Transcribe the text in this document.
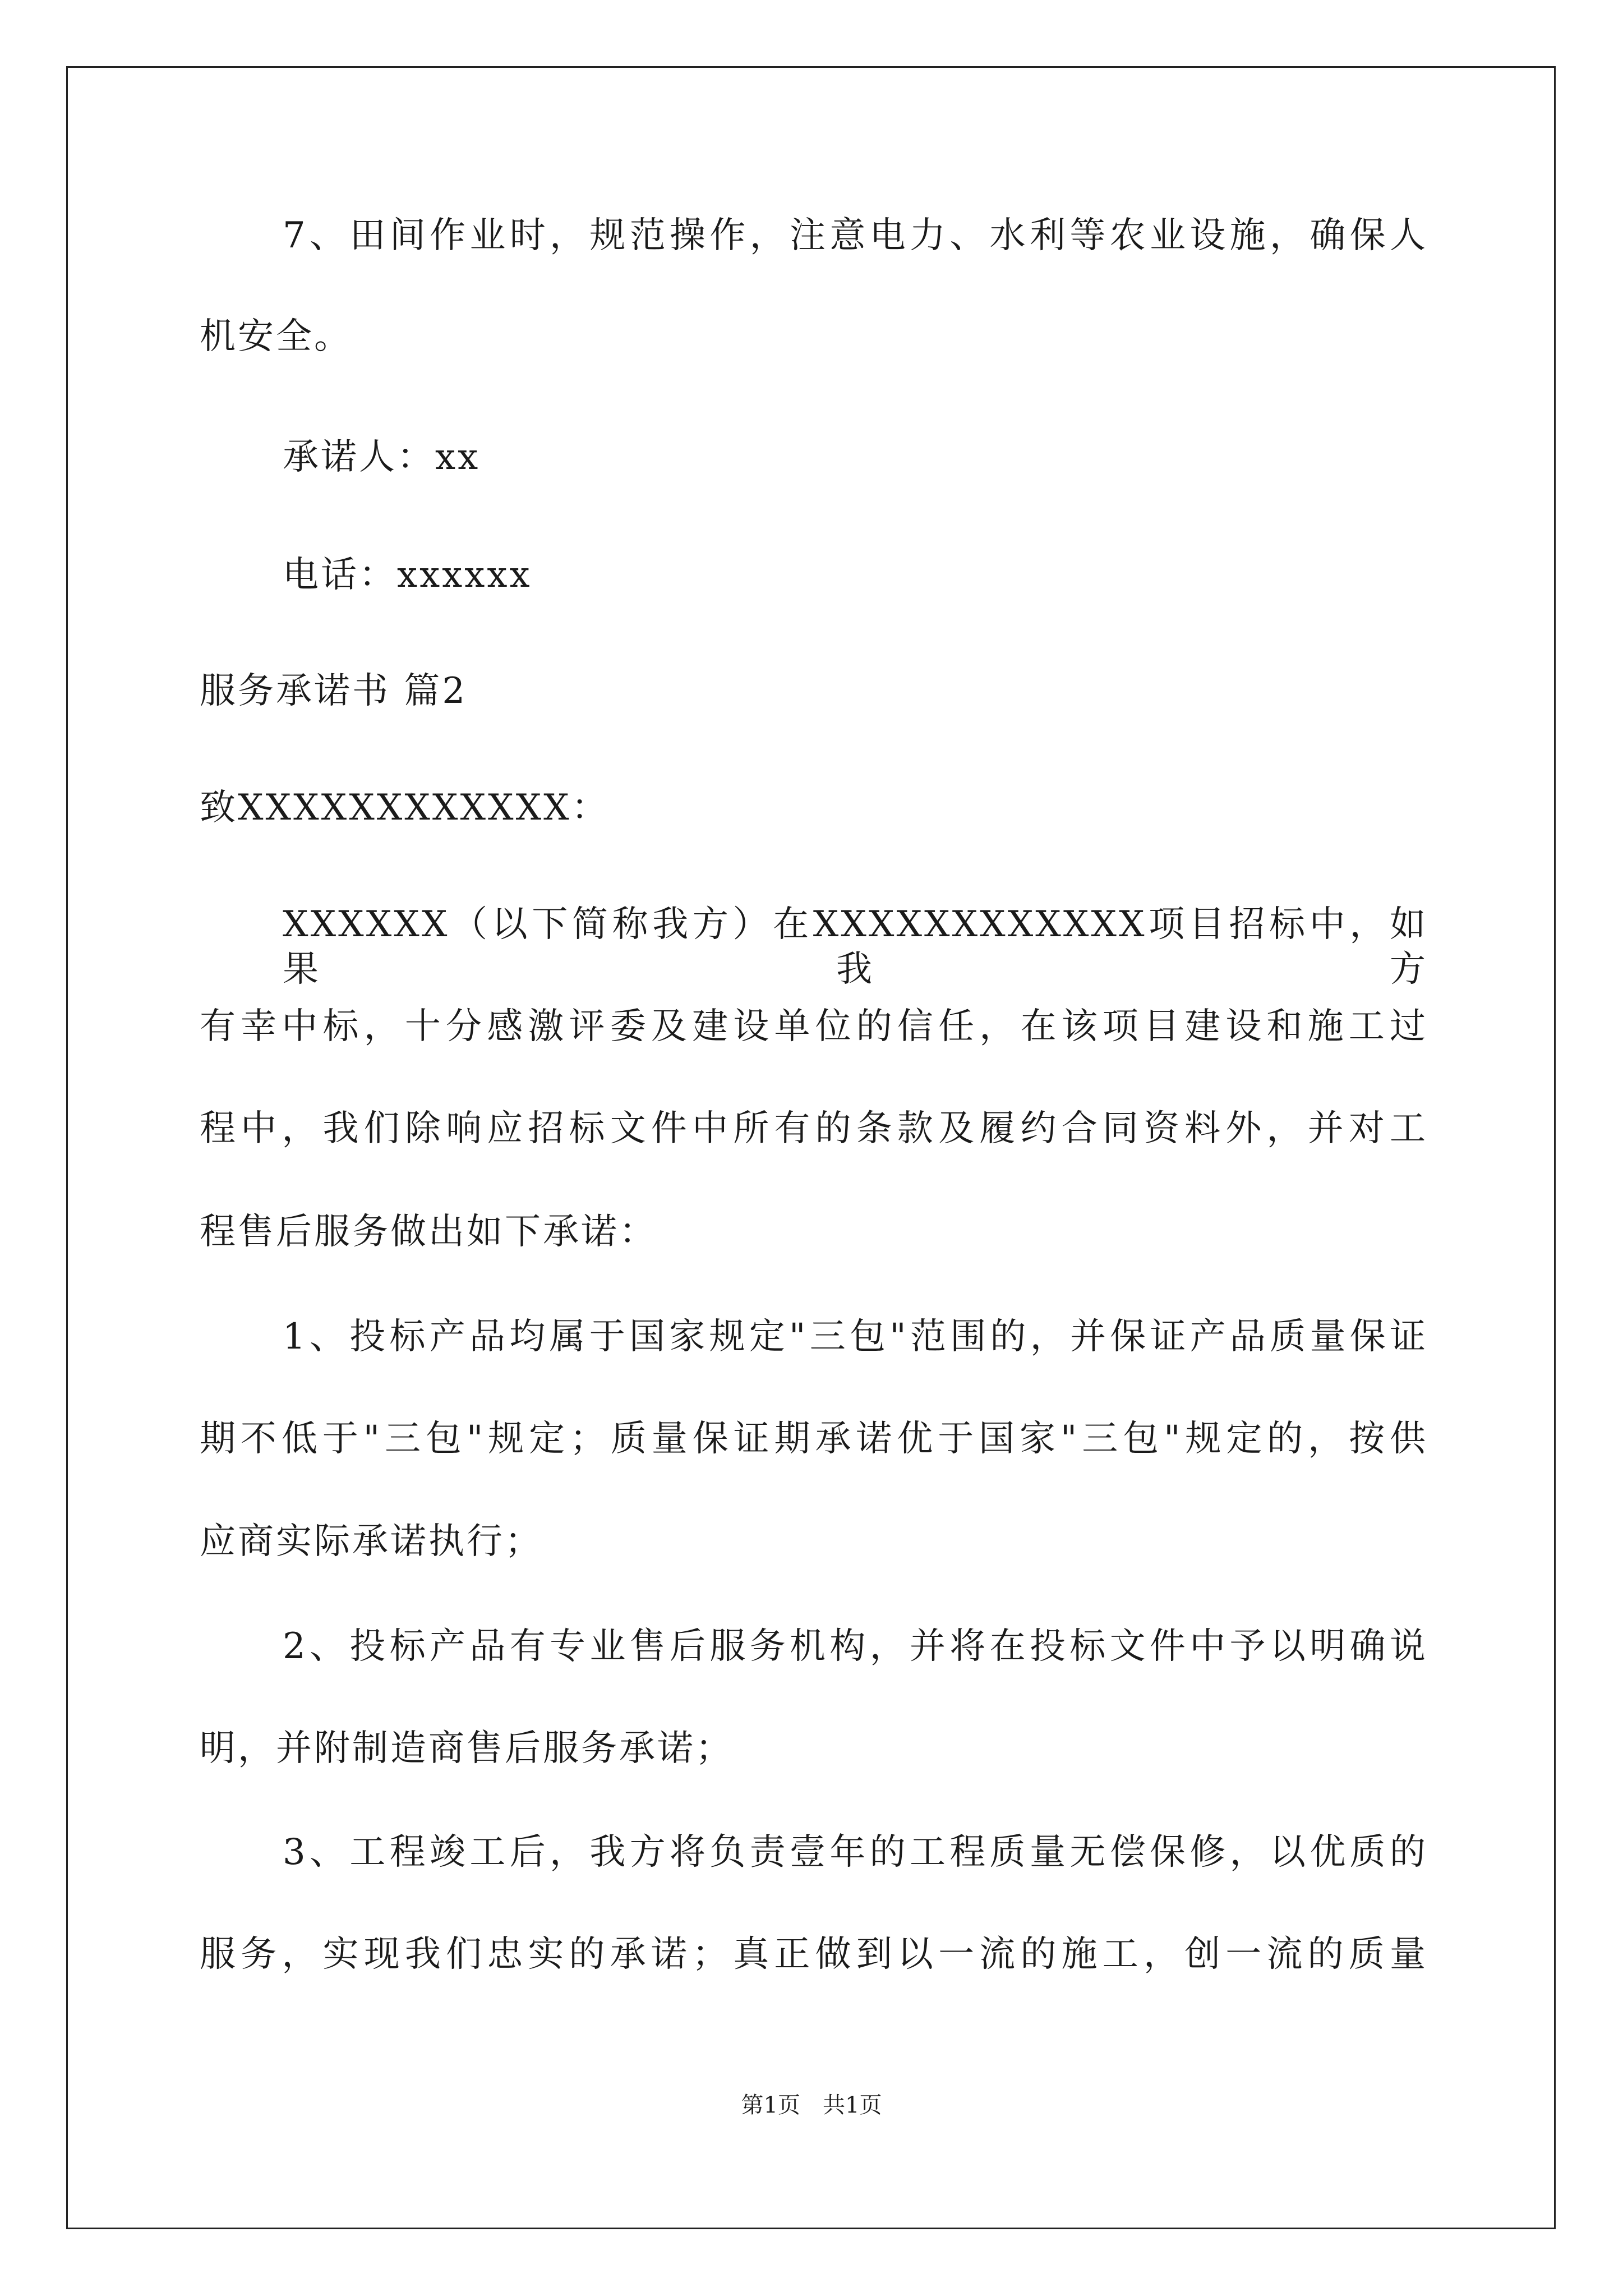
7、田间作业时，规范操作，注意电力、水利等农业设施，确保人
机安全。
承诺人：xx
电话：xxxxxx
服务承诺书 篇2
致XXXXXXXXXXXX：
XXXXXX（以下简称我方）在XXXXXXXXXXXX项目招标中，如果我方
有幸中标，十分感激评委及建设单位的信任，在该项目建设和施工过
程中，我们除响应招标文件中所有的条款及履约合同资料外，并对工
程售后服务做出如下承诺：
1、投标产品均属于国家规定"三包"范围的，并保证产品质量保证
期不低于"三包"规定；质量保证期承诺优于国家"三包"规定的，按供
应商实际承诺执行；
2、投标产品有专业售后服务机构，并将在投标文件中予以明确说
明，并附制造商售后服务承诺；
3、工程竣工后，我方将负责壹年的工程质量无偿保修，以优质的
服务，实现我们忠实的承诺；真正做到以一流的施工，创一流的质量
第1页　共1页
